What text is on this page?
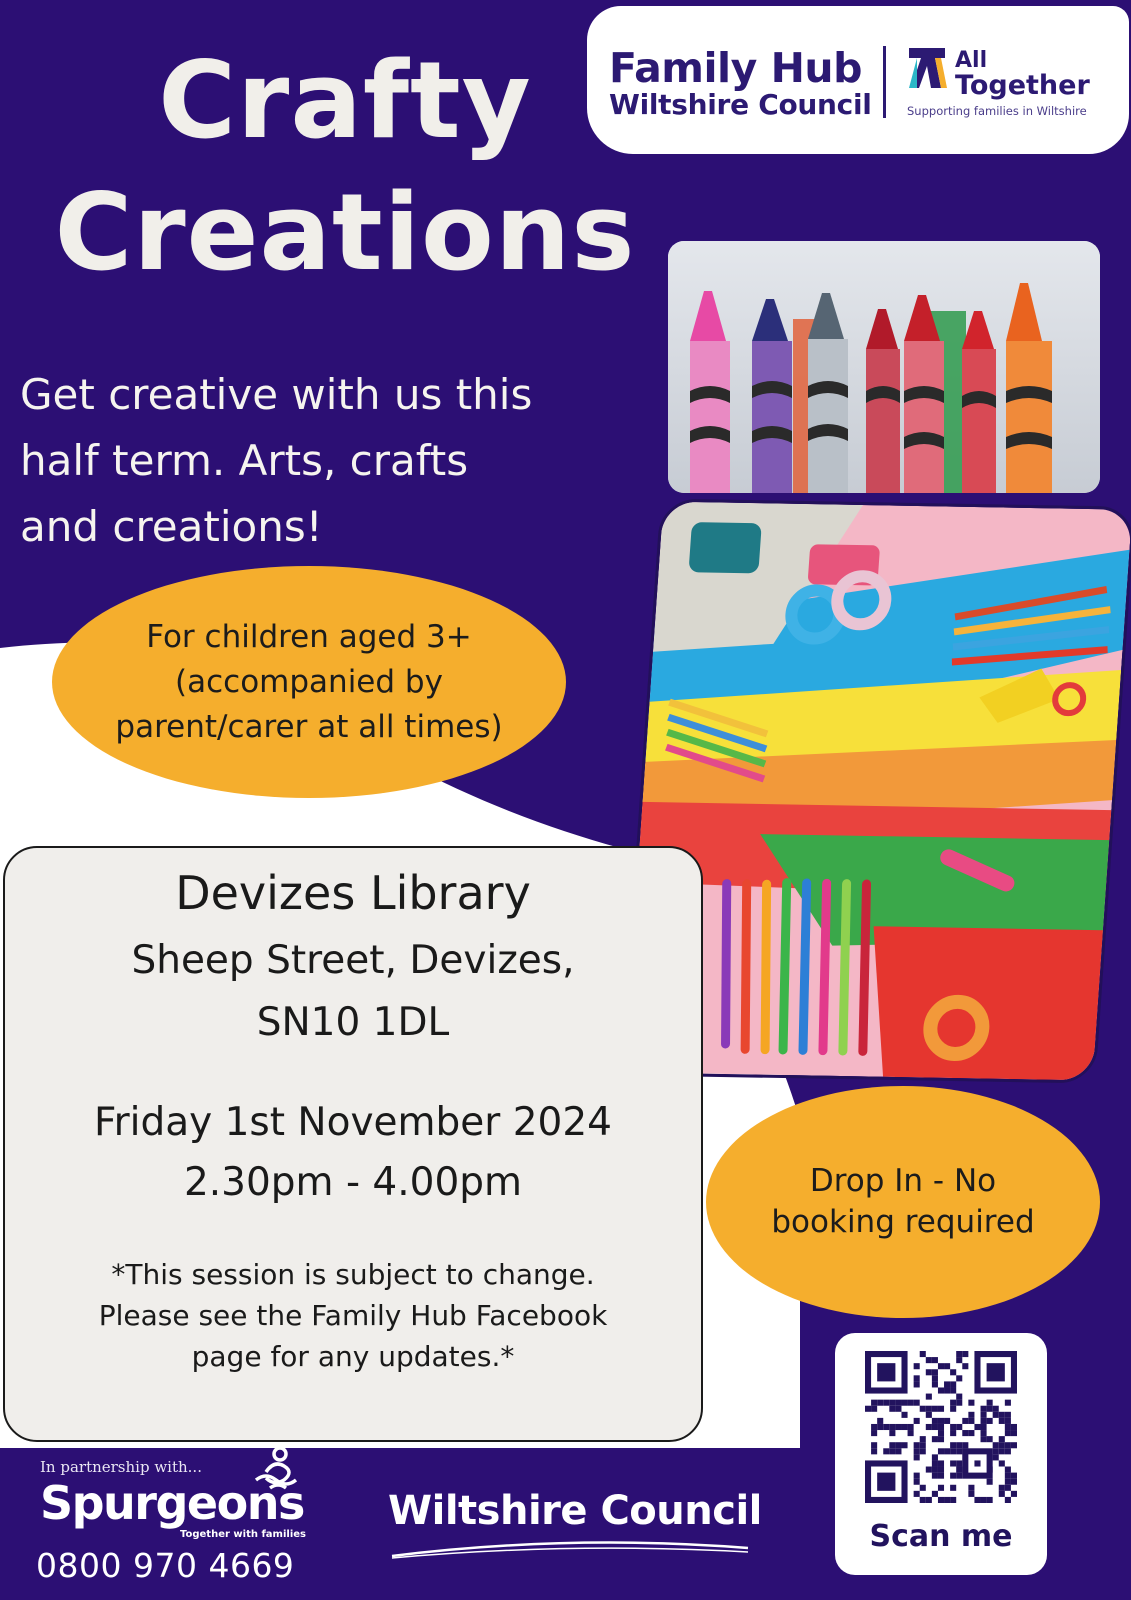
Crafty
Creations
Get creative with us this
half term. Arts, crafts
and creations!
Family Hub
Wiltshire Council
All
Together
Supporting families in Wiltshire
For children aged 3+
(accompanied by
parent/carer at all times)
Devizes Library
Sheep Street, Devizes,
SN10 1DL
Friday 1st November 2024
2.30pm - 4.00pm
*This session is subject to change.
Please see the Family Hub Facebook
page for any updates.*
Drop In - No
booking required
Scan me
In partnership with...
Spurgeons
Together with families
0800 970 4669
Wiltshire Council
